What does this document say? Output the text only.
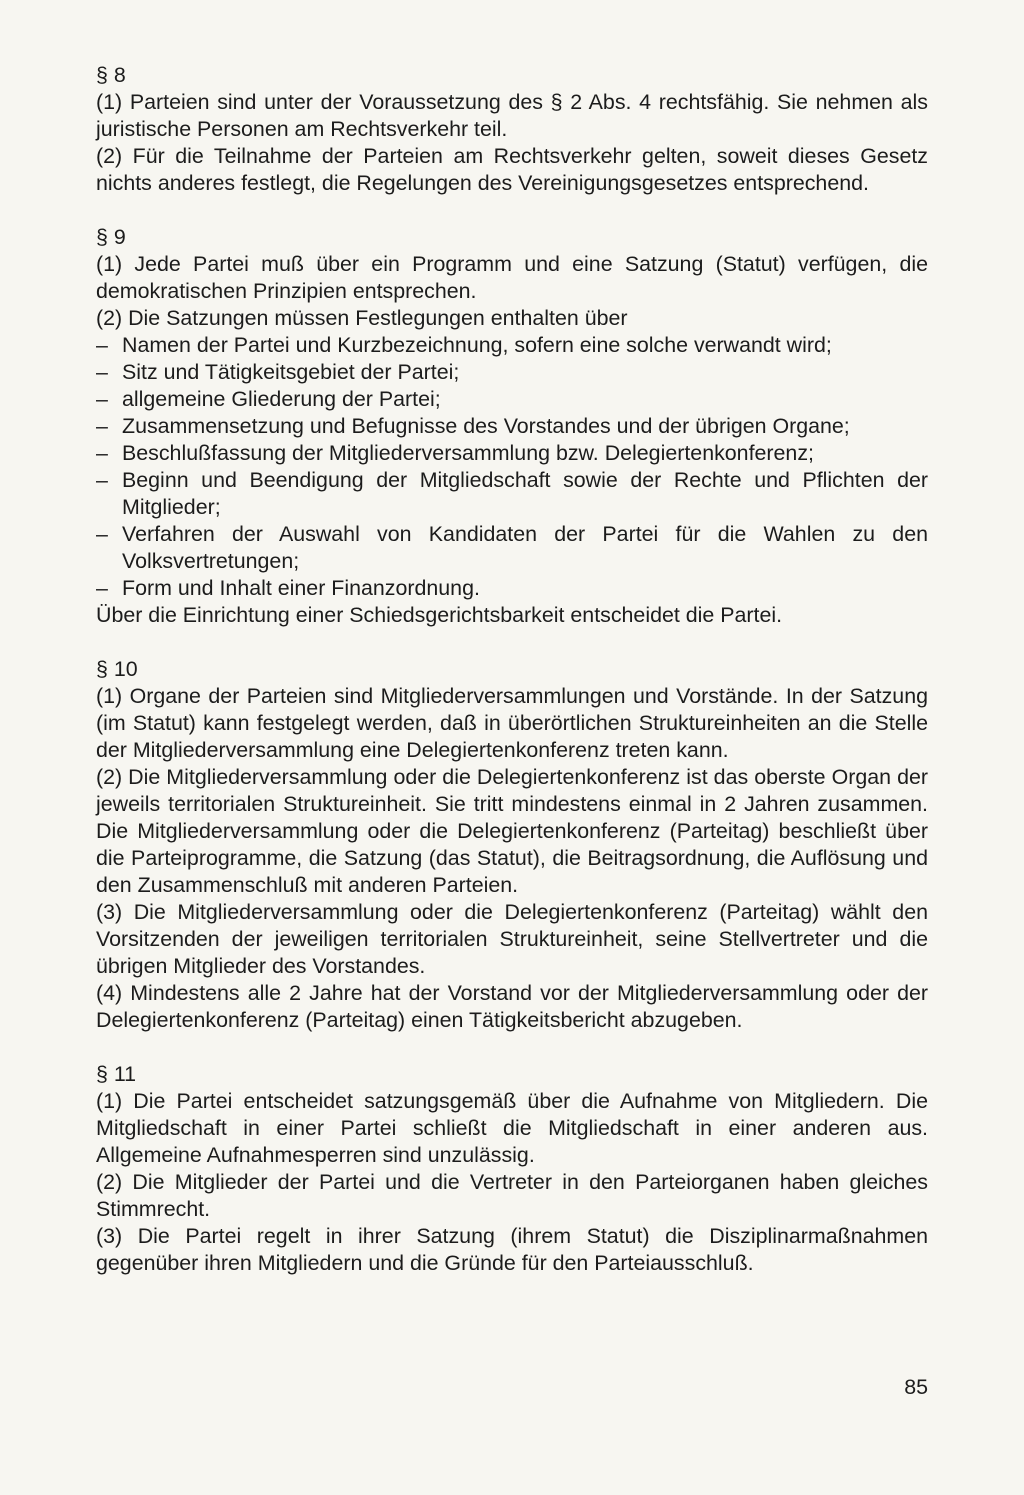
§ 8

(1) Parteien sind unter der Voraussetzung des § 2 Abs. 4 rechtsfähig. Sie nehmen als juristische Personen am Rechtsverkehr teil.

(2) Für die Teilnahme der Parteien am Rechtsverkehr gelten, soweit dieses Gesetz nichts anderes festlegt, die Regelungen des Vereinigungsgesetzes entsprechend.

§ 9

(1) Jede Partei muß über ein Programm und eine Satzung (Statut) verfügen, die demokratischen Prinzipien entsprechen.

(2) Die Satzungen müssen Festlegungen enthalten über

– Namen der Partei und Kurzbezeichnung, sofern eine solche verwandt wird;
– Sitz und Tätigkeitsgebiet der Partei;
– allgemeine Gliederung der Partei;
– Zusammensetzung und Befugnisse des Vorstandes und der übrigen Organe;
– Beschlußfassung der Mitgliederversammlung bzw. Delegiertenkonferenz;
– Beginn und Beendigung der Mitgliedschaft sowie der Rechte und Pflichten der Mitglieder;
– Verfahren der Auswahl von Kandidaten der Partei für die Wahlen zu den Volksvertretungen;
– Form und Inhalt einer Finanzordnung.

Über die Einrichtung einer Schiedsgerichtsbarkeit entscheidet die Partei.

§ 10

(1) Organe der Parteien sind Mitgliederversammlungen und Vorstände. In der Satzung (im Statut) kann festgelegt werden, daß in überörtlichen Struktureinheiten an die Stelle der Mitgliederversammlung eine Delegiertenkonferenz treten kann.

(2) Die Mitgliederversammlung oder die Delegiertenkonferenz ist das oberste Organ der jeweils territorialen Struktureinheit. Sie tritt mindestens einmal in 2 Jahren zusammen. Die Mitgliederversammlung oder die Delegiertenkonferenz (Parteitag) beschließt über die Parteiprogramme, die Satzung (das Statut), die Beitragsordnung, die Auflösung und den Zusammenschluß mit anderen Parteien.

(3) Die Mitgliederversammlung oder die Delegiertenkonferenz (Parteitag) wählt den Vorsitzenden der jeweiligen territorialen Struktureinheit, seine Stellvertreter und die übrigen Mitglieder des Vorstandes.

(4) Mindestens alle 2 Jahre hat der Vorstand vor der Mitgliederversammlung oder der Delegiertenkonferenz (Parteitag) einen Tätigkeitsbericht abzugeben.

§ 11

(1) Die Partei entscheidet satzungsgemäß über die Aufnahme von Mitgliedern. Die Mitgliedschaft in einer Partei schließt die Mitgliedschaft in einer anderen aus. Allgemeine Aufnahmesperren sind unzulässig.

(2) Die Mitglieder der Partei und die Vertreter in den Parteiorganen haben gleiches Stimmrecht.

(3) Die Partei regelt in ihrer Satzung (ihrem Statut) die Disziplinarmaßnahmen gegenüber ihren Mitgliedern und die Gründe für den Parteiausschluß.

85
